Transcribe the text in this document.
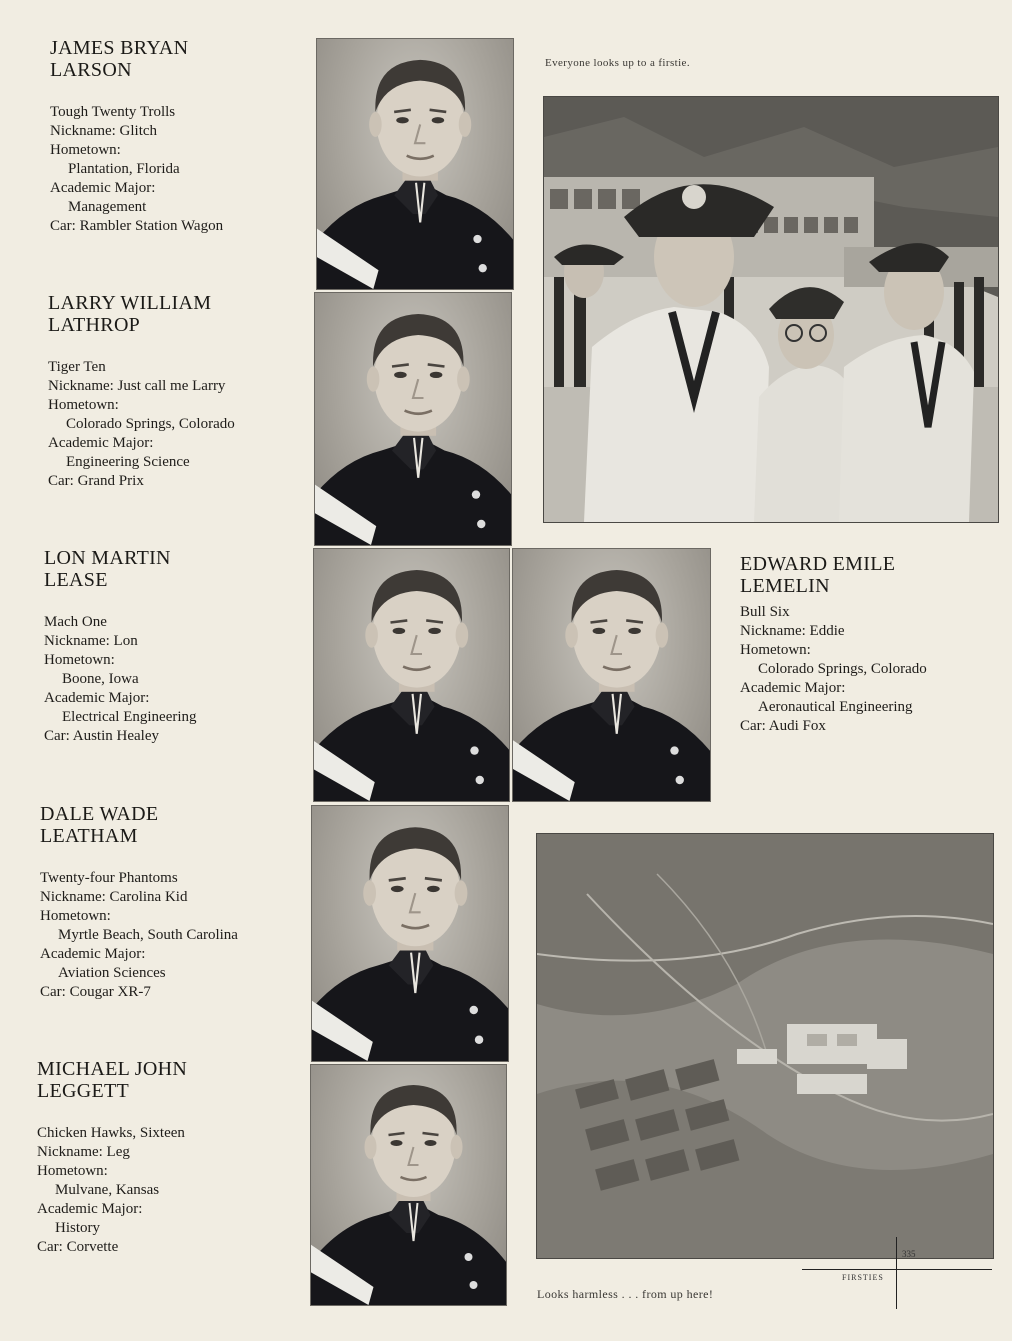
JAMES BRYAN
LARSON
Tough Twenty Trolls
Nickname: Glitch
Hometown:
Plantation, Florida
Academic Major:
Management
Car: Rambler Station Wagon
LARRY WILLIAM
LATHROP
Tiger Ten
Nickname: Just call me Larry
Hometown:
Colorado Springs, Colorado
Academic Major:
Engineering Science
Car: Grand Prix
LON MARTIN
LEASE
Mach One
Nickname: Lon
Hometown:
Boone, Iowa
Academic Major:
Electrical Engineering
Car: Austin Healey
EDWARD EMILE
LEMELIN
Bull Six
Nickname: Eddie
Hometown:
Colorado Springs, Colorado
Academic Major:
Aeronautical Engineering
Car: Audi Fox
DALE WADE
LEATHAM
Twenty-four Phantoms
Nickname: Carolina Kid
Hometown:
Myrtle Beach, South Carolina
Academic Major:
Aviation Sciences
Car: Cougar XR-7
MICHAEL JOHN
LEGGETT
Chicken Hawks, Sixteen
Nickname: Leg
Hometown:
Mulvane, Kansas
Academic Major:
History
Car: Corvette
Everyone looks up to a firstie.
Looks harmless . . . from up here!
335
FIRSTIES
